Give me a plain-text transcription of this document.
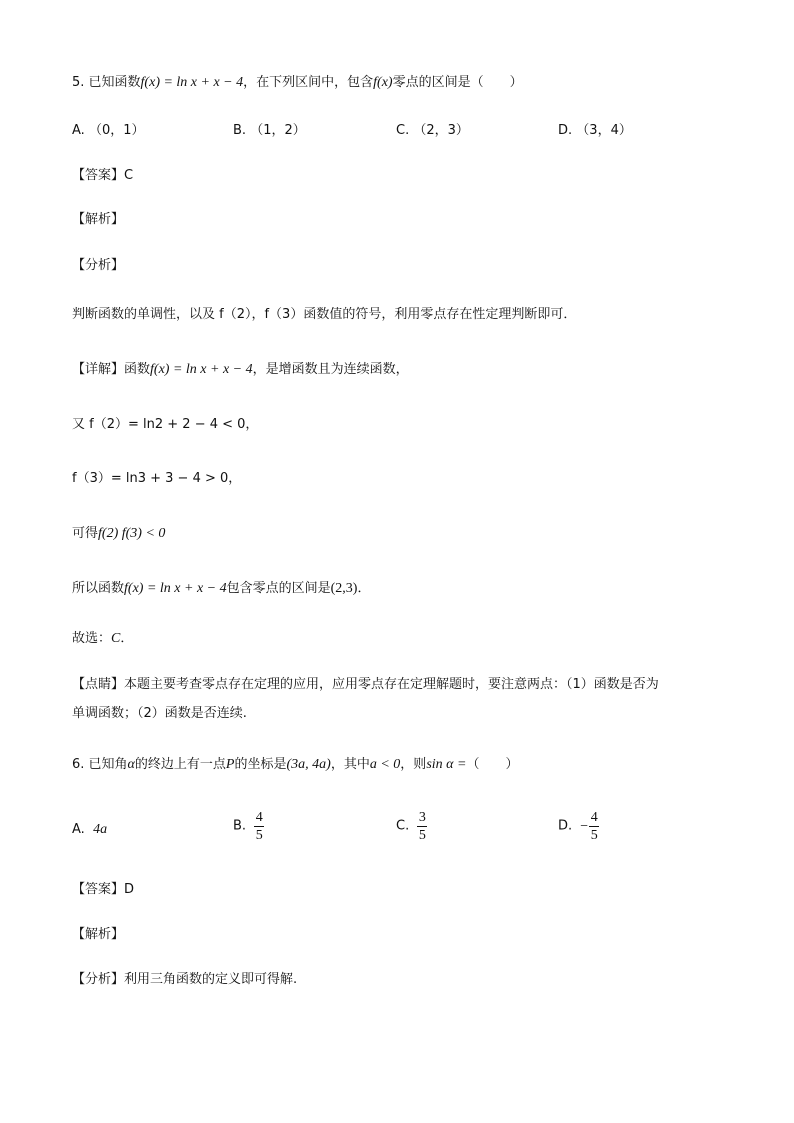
5. 已知函数f(x) = ln x + x − 4，在下列区间中，包含f(x)零点的区间是（　　）
A. （0，1）	B. （1，2）	C. （2，3）	D. （3，4）
【答案】C
【解析】
【分析】
判断函数的单调性，以及 f（2），f（3）函数值的符号，利用零点存在性定理判断即可．
【详解】函数f(x) = ln x + x − 4，是增函数且为连续函数，
又 f（2）= ln2 + 2 − 4 < 0，
f（3）= ln3 + 3 − 4 > 0，
可得f(2) f(3) < 0
所以函数f(x) = ln x + x − 4包含零点的区间是(2,3)．
故选：C．
【点睛】本题主要考查零点存在定理的应用，应用零点存在定理解题时，要注意两点：（1）函数是否为
单调函数；（2）函数是否连续.
6. 已知角α的终边上有一点P的坐标是(3a, 4a)，其中a < 0，则sin α =（　　）
A. 4a	B. $\frac{4}{5}$	C. $\frac{3}{5}$	D. − $\frac{4}{5}$
【答案】D
【解析】
【分析】利用三角函数的定义即可得解.
